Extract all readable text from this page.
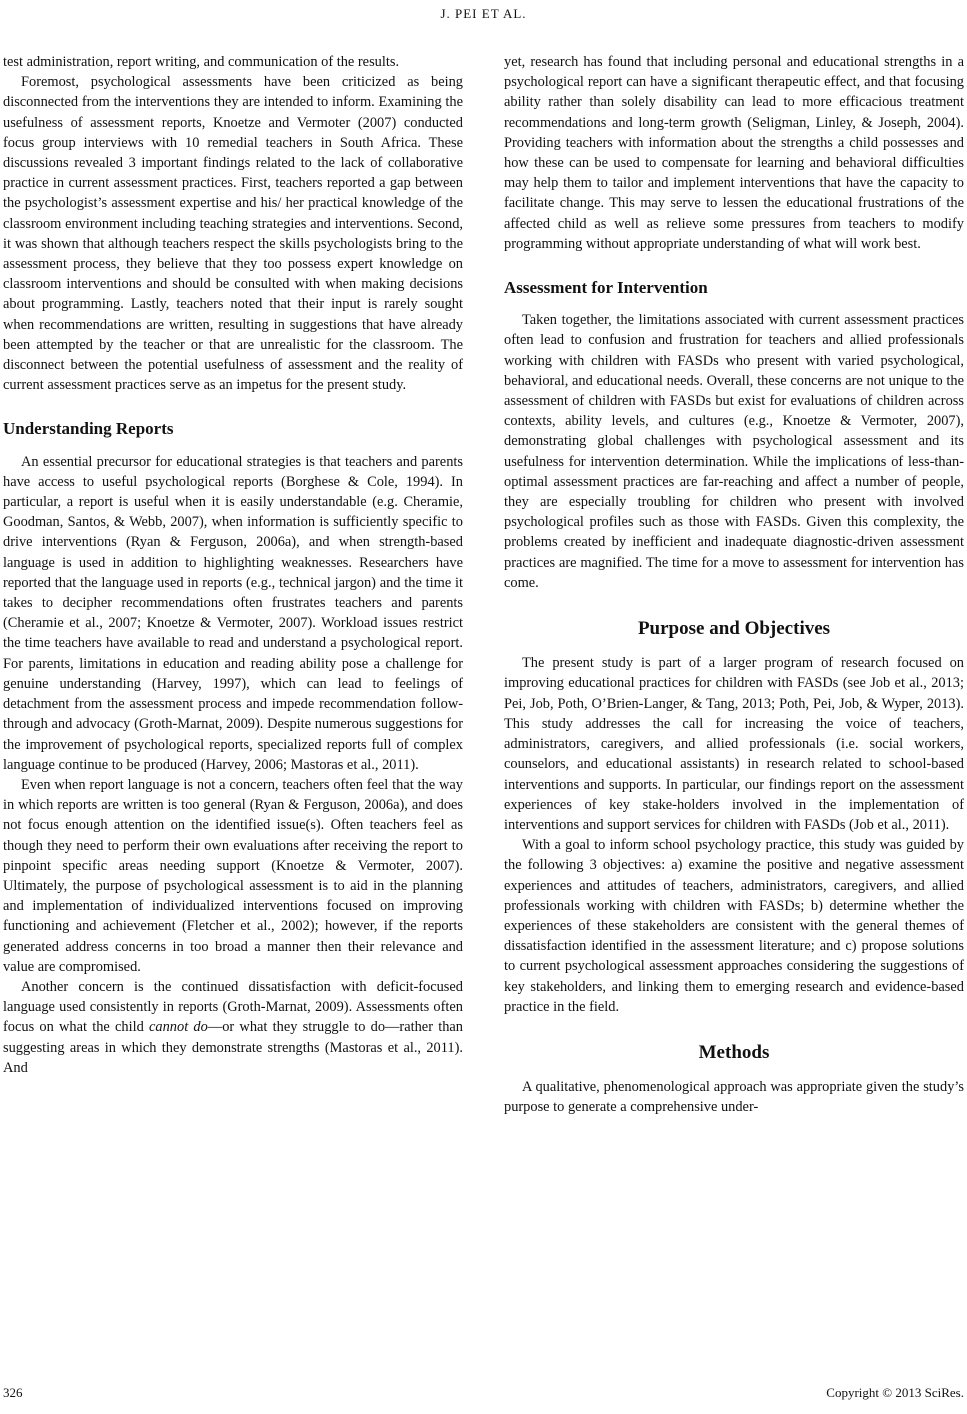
J. PEI ET AL.

test administration, report writing, and communication of the results.

Foremost, psychological assessments have been criticized as being disconnected from the interventions they are intended to inform. Examining the usefulness of assessment reports, Knoetze and Vermoter (2007) conducted focus group interviews with 10 remedial teachers in South Africa. These discussions revealed 3 important findings related to the lack of collaborative practice in current assessment practices. First, teachers reported a gap between the psychologist’s assessment expertise and his/ her practical knowledge of the classroom environment including teaching strategies and interventions. Second, it was shown that although teachers respect the skills psychologists bring to the assessment process, they believe that they too possess expert knowledge on classroom interventions and should be consulted with when making decisions about programming. Lastly, teachers noted that their input is rarely sought when recommendations are written, resulting in suggestions that have already been attempted by the teacher or that are unrealistic for the classroom. The disconnect between the potential usefulness of assessment and the reality of current assessment practices serve as an impetus for the present study.

Understanding Reports

An essential precursor for educational strategies is that teachers and parents have access to useful psychological reports (Borghese & Cole, 1994). In particular, a report is useful when it is easily understandable (e.g. Cheramie, Goodman, Santos, & Webb, 2007), when information is sufficiently specific to drive interventions (Ryan & Ferguson, 2006a), and when strength-based language is used in addition to highlighting weaknesses. Researchers have reported that the language used in reports (e.g., technical jargon) and the time it takes to decipher recommendations often frustrates teachers and parents (Cheramie et al., 2007; Knoetze & Vermoter, 2007). Workload issues restrict the time teachers have available to read and understand a psychological report. For parents, limitations in education and reading ability pose a challenge for genuine understanding (Harvey, 1997), which can lead to feelings of detachment from the assessment process and impede recommendation follow-through and advocacy (Groth-Marnat, 2009). Despite numerous suggestions for the improvement of psychological reports, specialized reports full of complex language continue to be produced (Harvey, 2006; Mastoras et al., 2011).

Even when report language is not a concern, teachers often feel that the way in which reports are written is too general (Ryan & Ferguson, 2006a), and does not focus enough attention on the identified issue(s). Often teachers feel as though they need to perform their own evaluations after receiving the report to pinpoint specific areas needing support (Knoetze & Vermoter, 2007). Ultimately, the purpose of psychological assessment is to aid in the planning and implementation of individualized interventions focused on improving functioning and achievement (Fletcher et al., 2002); however, if the reports generated address concerns in too broad a manner then their relevance and value are compromised.

Another concern is the continued dissatisfaction with deficit-focused language used consistently in reports (Groth-Marnat, 2009). Assessments often focus on what the child cannot do—or what they struggle to do—rather than suggesting areas in which they demonstrate strengths (Mastoras et al., 2011). And

yet, research has found that including personal and educational strengths in a psychological report can have a significant therapeutic effect, and that focusing ability rather than solely disability can lead to more efficacious treatment recommendations and long-term growth (Seligman, Linley, & Joseph, 2004). Providing teachers with information about the strengths a child possesses and how these can be used to compensate for learning and behavioral difficulties may help them to tailor and implement interventions that have the capacity to facilitate change. This may serve to lessen the educational frustrations of the affected child as well as relieve some pressures from teachers to modify programming without appropriate understanding of what will work best.

Assessment for Intervention

Taken together, the limitations associated with current assessment practices often lead to confusion and frustration for teachers and allied professionals working with children with FASDs who present with varied psychological, behavioral, and educational needs. Overall, these concerns are not unique to the assessment of children with FASDs but exist for evaluations of children across contexts, ability levels, and cultures (e.g., Knoetze & Vermoter, 2007), demonstrating global challenges with psychological assessment and its usefulness for intervention determination. While the implications of less-than-optimal assessment practices are far-reaching and affect a number of people, they are especially troubling for children who present with involved psychological profiles such as those with FASDs. Given this complexity, the problems created by inefficient and inadequate diagnostic-driven assessment practices are magnified. The time for a move to assessment for intervention has come.

Purpose and Objectives

The present study is part of a larger program of research focused on improving educational practices for children with FASDs (see Job et al., 2013; Pei, Job, Poth, O’Brien-Langer, & Tang, 2013; Poth, Pei, Job, & Wyper, 2013). This study addresses the call for increasing the voice of teachers, administrators, caregivers, and allied professionals (i.e. social workers, counselors, and educational assistants) in research related to school-based interventions and supports. In particular, our findings report on the assessment experiences of key stake-holders involved in the implementation of interventions and support services for children with FASDs (Job et al., 2011).

With a goal to inform school psychology practice, this study was guided by the following 3 objectives: a) examine the positive and negative assessment experiences and attitudes of teachers, administrators, caregivers, and allied professionals working with children with FASDs; b) determine whether the experiences of these stakeholders are consistent with the general themes of dissatisfaction identified in the assessment literature; and c) propose solutions to current psychological assessment approaches considering the suggestions of key stakeholders, and linking them to emerging research and evidence-based practice in the field.

Methods

A qualitative, phenomenological approach was appropriate given the study’s purpose to generate a comprehensive under-

326	Copyright © 2013 SciRes.
